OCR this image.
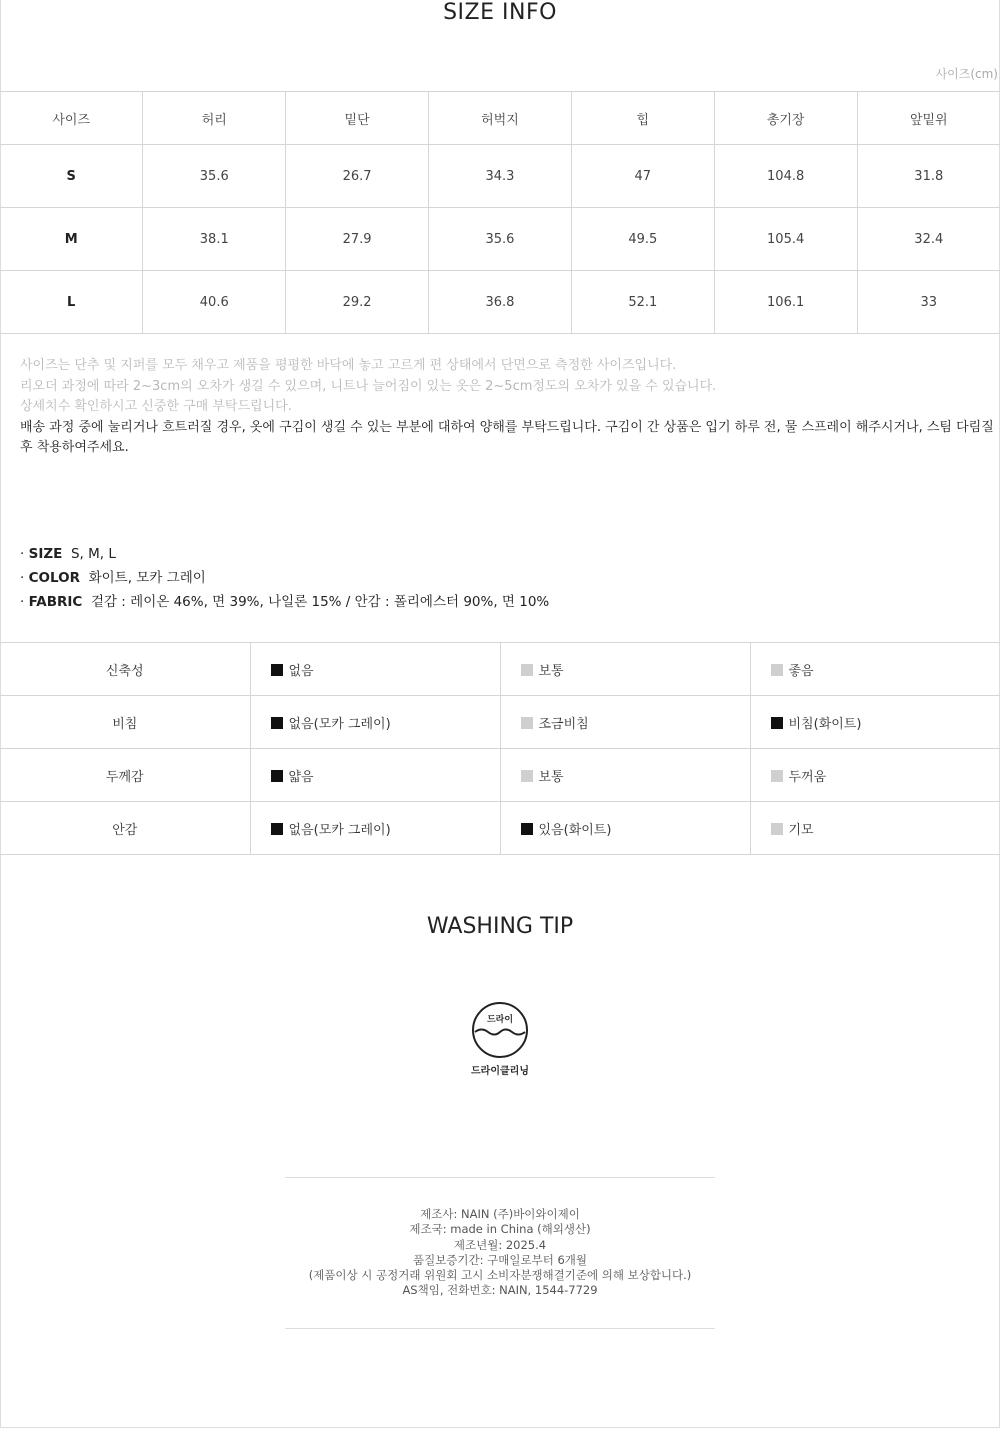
SIZE INFO
사이즈(cm)
사이즈	허리	밑단	허벅지	힙	총기장	앞밑위
S	35.6	26.7	34.3	47	104.8	31.8
M	38.1	27.9	35.6	49.5	105.4	32.4
L	40.6	29.2	36.8	52.1	106.1	33
사이즈는 단추 및 지퍼를 모두 채우고 제품을 평평한 바닥에 놓고 고르게 편 상태에서 단면으로 측정한 사이즈입니다.
리오더 과정에 따라 2~3cm의 오차가 생길 수 있으며, 니트나 늘어짐이 있는 옷은 2~5cm정도의 오차가 있을 수 있습니다.
상세치수 확인하시고 신중한 구매 부탁드립니다.
배송 과정 중에 눌리거나 흐트러질 경우, 옷에 구김이 생길 수 있는 부분에 대하여 양해를 부탁드립니다. 구김이 간 상품은 입기 하루 전, 물 스프레이 해주시거나, 스팀 다림질 후 착용하여주세요.
· SIZE S, M, L
· COLOR 화이트, 모카 그레이
· FABRIC 겉감 : 레이온 46%, 면 39%, 나일론 15% / 안감 : 폴리에스터 90%, 면 10%
신축성	없음	보통	좋음
비침	없음(모카 그레이)	조금비침	비침(화이트)
두께감	얇음	보통	두꺼움
안감	없음(모카 그레이)	있음(화이트)	기모
WASHING TIP
드라이
드라이클리닝
제조사: NAIN (주)바이와이제이
제조국: made in China (해외생산)
제조년월: 2025.4
품질보증기간: 구매일로부터 6개월
(제품이상 시 공정거래 위원회 고시 소비자분쟁해결기준에 의해 보상합니다.)
AS책임, 전화번호: NAIN, 1544-7729
